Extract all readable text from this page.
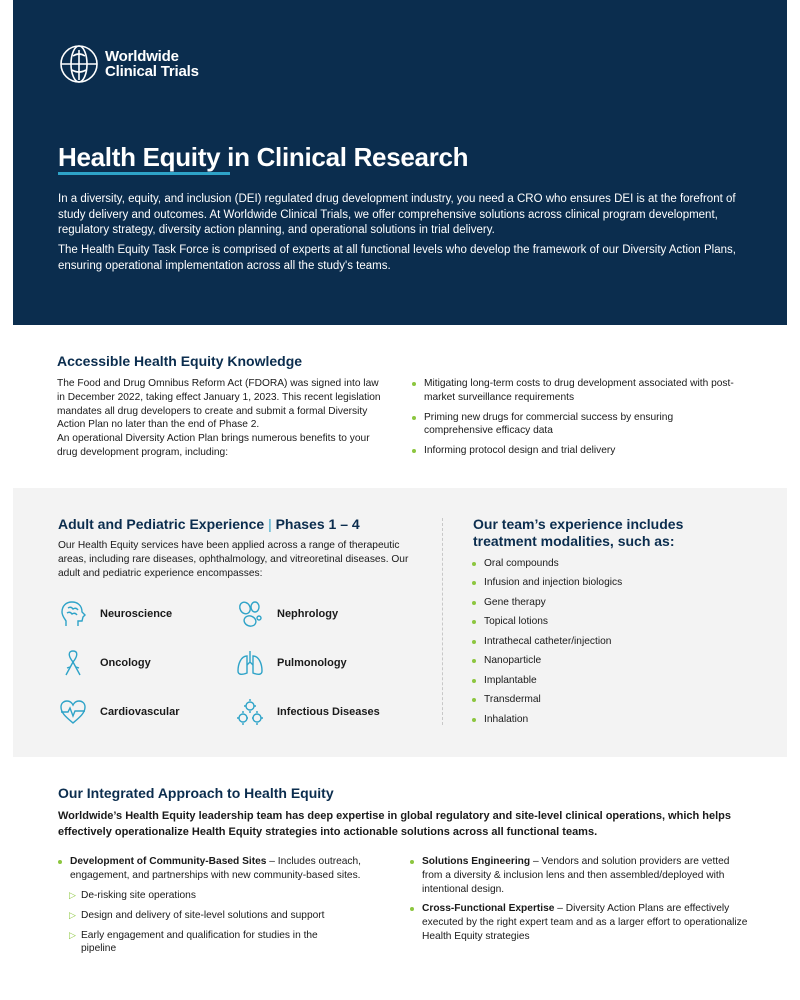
Worldwide
Clinical Trials
Health Equity in Clinical Research

In a diversity, equity, and inclusion (DEI) regulated drug development industry, you need a CRO who ensures DEI is at the forefront of study delivery and outcomes. At Worldwide Clinical Trials, we offer comprehensive solutions across clinical program development, regulatory strategy, diversity action planning, and operational solutions in trial delivery.

The Health Equity Task Force is comprised of experts at all functional levels who develop the framework of our Diversity Action Plans, ensuring operational implementation across all the study's teams.

Accessible Health Equity Knowledge

The Food and Drug Omnibus Reform Act (FDORA) was signed into law in December 2022, taking effect January 1, 2023. This recent legislation mandates all drug developers to create and submit a formal Diversity Action Plan no later than the end of Phase 2.
An operational Diversity Action Plan brings numerous benefits to your drug development program, including:

Mitigating long-term costs to drug development associated with post-market surveillance requirements
Priming new drugs for commercial success by ensuring comprehensive efficacy data
Informing protocol design and trial delivery
Adult and Pediatric Experience | Phases 1 – 4

Our Health Equity services have been applied across a range of therapeutic areas, including rare diseases, ophthalmology, and vitreoretinal diseases. Our adult and pediatric experience encompasses:

Neuroscience	Nephrology
Oncology	Pulmonology
Cardiovascular	Infectious Diseases
Our team’s experience includes
treatment modalities, such as:
Oral compounds
Infusion and injection biologics
Gene therapy
Topical lotions
Intrathecal catheter/injection
Nanoparticle
Implantable
Transdermal
Inhalation
Our Integrated Approach to Health Equity

Worldwide’s Health Equity leadership team has deep expertise in global regulatory and site-level clinical operations, which helps effectively operationalize Health Equity strategies into actionable solutions across all functional teams.

Development of Community-Based Sites – Includes outreach, engagement, and partnerships with new community-based sites.
▷ De-risking site operations
▷ Design and delivery of site-level solutions and support
▷ Early engagement and qualification for studies in the pipeline
Solutions Engineering – Vendors and solution providers are vetted from a diversity & inclusion lens and then assembled/deployed with intentional design.
Cross-Functional Expertise – Diversity Action Plans are effectively executed by the right expert team and as a larger effort to operationalize Health Equity strategies
